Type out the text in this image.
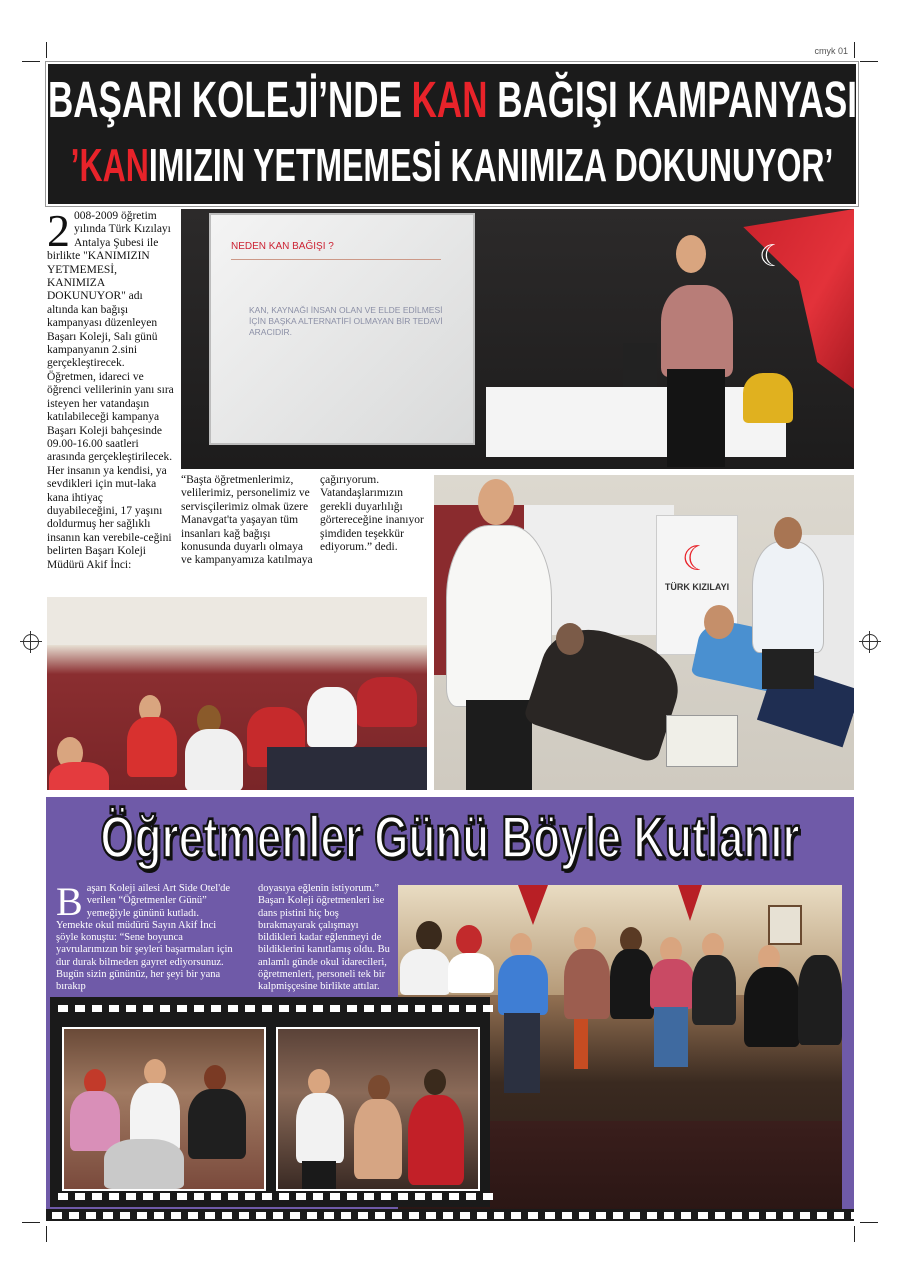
cmyk 01
BAŞARI KOLEJİ’NDE KAN BAĞIŞI KAMPANYASI
’KANIMIZIN YETMEMESİ KANIMIZA DOKUNUYOR’
2 008-2009 öğretim yılında Türk Kızılayı Antalya Şubesi ile birlikte "KANIMIZIN YETMEMESİ, KANIMIZA DOKUNUYOR" adı altında kan bağışı kampanyası düzenleyen Başarı Koleji, Salı günü kampanyanın 2.sini gerçekleştirecek. Öğretmen, idareci ve öğrenci velilerinin yanı sıra isteyen her vatandaşın katılabileceği kampanya Başarı Koleji bahçesinde 09.00-16.00 saatleri arasında gerçekleştirilecek. Her insanın ya kendisi, ya sevdikleri için mut-laka kana ihtiyaç duyabileceğini, 17 yaşını doldurmuş her sağlıklı insanın kan verebile-ceğini belirten Başarı Koleji Müdürü Akif İnci:
NEDEN KAN BAĞIŞI ?
KAN, KAYNAĞI İNSAN OLAN VE ELDE EDİLMESİ İÇİN BAŞKA ALTERNATİFİ OLMAYAN BİR TEDAVİ ARACIDIR.
☾
“Başta öğretmenlerimiz, velilerimiz, personelimiz ve servisçilerimiz olmak üzere Manavgat'ta yaşayan tüm insanları kağ bağışı konusunda duyarlı olmaya ve kampanyamıza katılmaya
çağırıyorum. Vatandaşlarımızın gerekli duyarlılığı görtereceğine inanıyor şimdiden teşekkür ediyorum.” dedi.	☾
TÜRK KIZILAYI
Öğretmenler Günü Böyle Kutlanır
Başarı Koleji ailesi Art Side Otel'de verilen “Öğretmenler Günü” yemeğiyle gününü kutladı. Yemekte okul müdürü Sayın Akif İnci şöyle konuştu: “Sene boyunca yavrularımızın bir şeyleri başarmaları için dur durak bilmeden gayret ediyorsunuz. Bugün sizin gününüz, her şeyi bir yana bırakıp
doyasıya eğlenin istiyorum.” Başarı Koleji öğretmenleri ise dans pistini hiç boş bırakmayarak çalışmayı bildikleri kadar eğlenmeyi de bildiklerini kanıtlamış oldu. Bu anlamlı günde okul idarecileri, öğretmenleri, personeli tek bir kalpmişçesine birlikte attılar.
